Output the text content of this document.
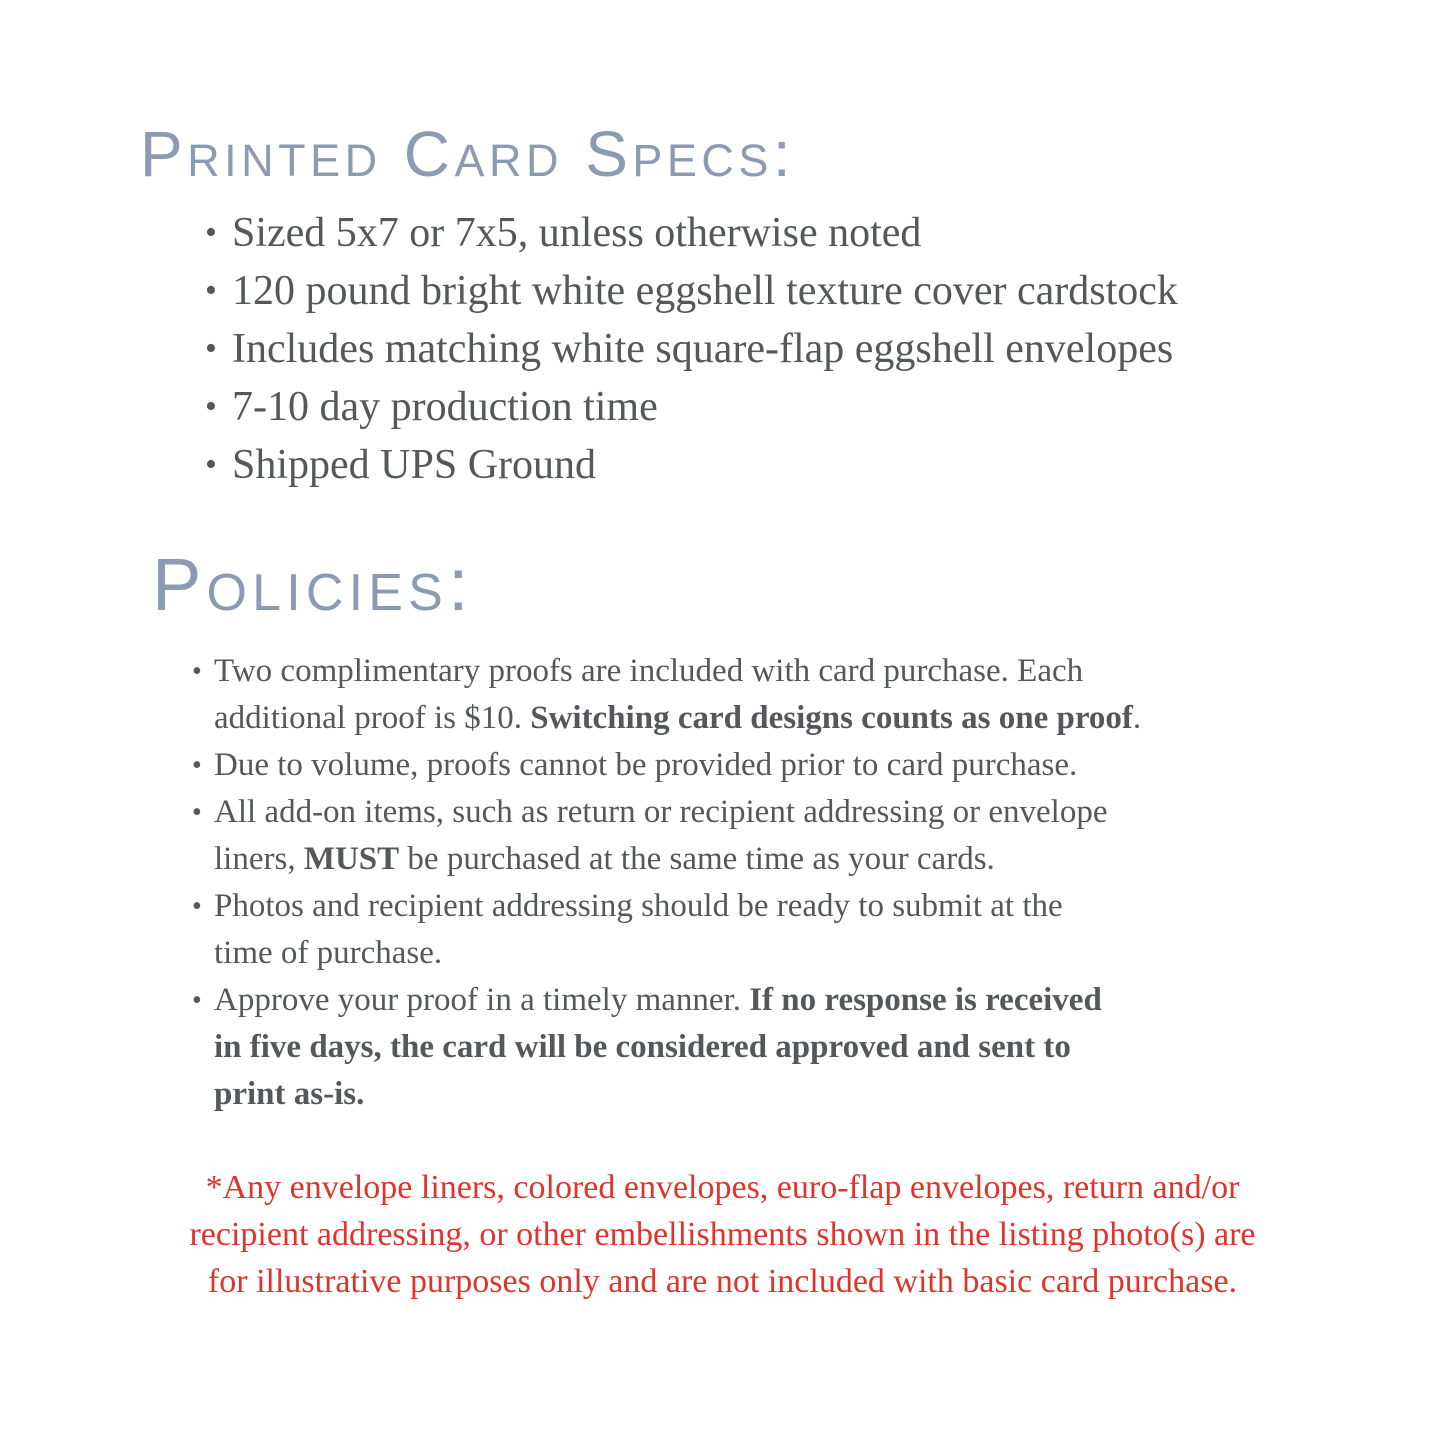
Printed Card Specs:
• Sized 5x7 or 7x5, unless otherwise noted
• 120 pound bright white eggshell texture cover cardstock
• Includes matching white square-flap eggshell envelopes
• 7-10 day production time
• Shipped UPS Ground
Policies:
• Two complimentary proofs are included with card purchase. Each
additional proof is $10. Switching card designs counts as one proof.
• Due to volume, proofs cannot be provided prior to card purchase.
• All add-on items, such as return or recipient addressing or envelope
liners, MUST be purchased at the same time as your cards.
• Photos and recipient addressing should be ready to submit at the
time of purchase.
• Approve your proof in a timely manner. If no response is received
in five days, the card will be considered approved and sent to
print as-is.

*Any envelope liners, colored envelopes, euro-flap envelopes, return and/or
recipient addressing, or other embellishments shown in the listing photo(s) are
for illustrative purposes only and are not included with basic card purchase.
